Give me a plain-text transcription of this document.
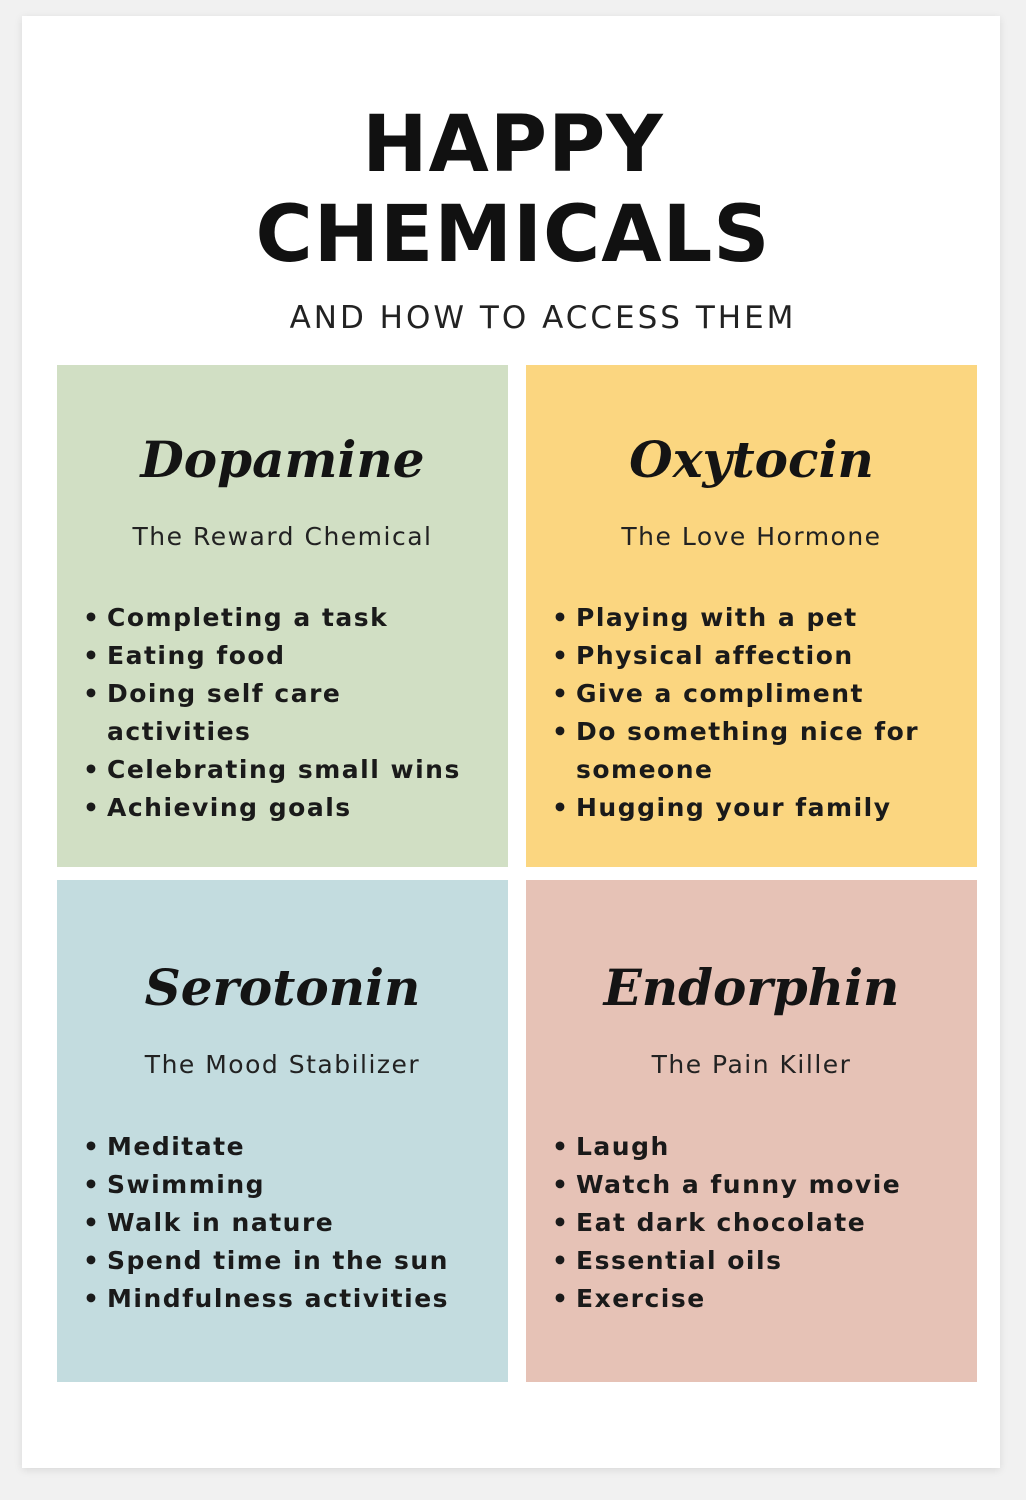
HAPPY
CHEMICALS

AND HOW TO ACCESS THEM

Dopamine

The Reward Chemical

• Completing a task
• Eating food
• Doing self care activities
• Celebrating small wins
• Achieving goals
Oxytocin

The Love Hormone

• Playing with a pet
• Physical affection
• Give a compliment
• Do something nice for someone
• Hugging your family
Serotonin

The Mood Stabilizer

• Meditate
• Swimming
• Walk in nature
• Spend time in the sun
• Mindfulness activities
Endorphin

The Pain Killer

• Laugh
• Watch a funny movie
• Eat dark chocolate
• Essential oils
• Exercise
